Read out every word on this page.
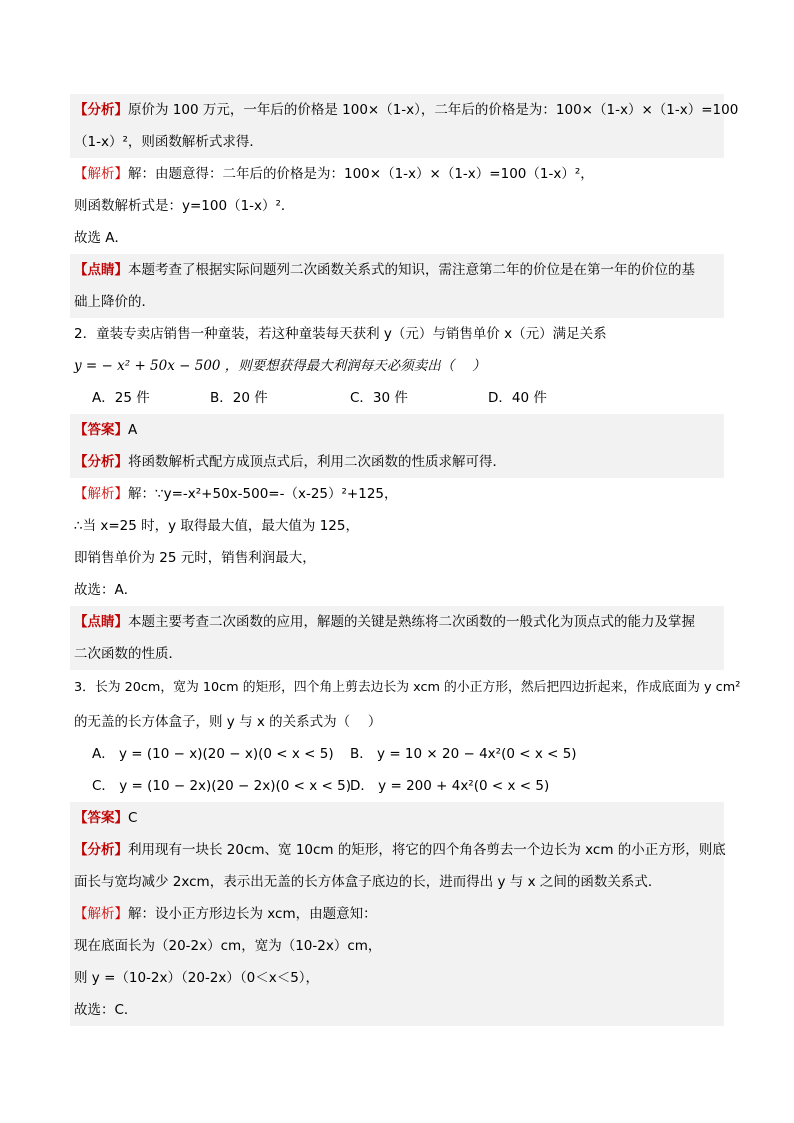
【分析】原价为 100 万元，一年后的价格是 100×（1-x），二年后的价格是为：100×（1-x）×（1-x）=100
（1-x）²，则函数解析式求得．
【解析】解：由题意得：二年后的价格是为：100×（1-x）×（1-x）=100（1-x）²，
则函数解析式是：y=100（1-x）²．
故选 A．
【点睛】本题考查了根据实际问题列二次函数关系式的知识，需注意第二年的价位是在第一年的价位的基
础上降价的．
2．童装专卖店销售一种童装，若这种童装每天获利 y（元）与销售单价 x（元）满足关系
y = − x² + 50x − 500 ，则要想获得最大利润每天必须卖出（　 ）
A．25 件	B．20 件	C．30 件	D．40 件
【答案】A
【分析】将函数解析式配方成顶点式后，利用二次函数的性质求解可得．
【解析】解：∵y=-x²+50x-500=-（x-25）²+125，
∴当 x=25 时，y 取得最大值，最大值为 125，
即销售单价为 25 元时，销售利润最大，
故选：A．
【点睛】本题主要考查二次函数的应用，解题的关键是熟练将二次函数的一般式化为顶点式的能力及掌握
二次函数的性质．
3．长为 20cm，宽为 10cm 的矩形，四个角上剪去边长为 xcm 的小正方形，然后把四边折起来，作成底面为 y cm²
的无盖的长方体盒子，则 y 与 x 的关系式为（　 ）
A． y = (10 − x)(20 − x)(0 < x < 5)	B． y = 10 × 20 − 4x²(0 < x < 5)
C． y = (10 − 2x)(20 − 2x)(0 < x < 5) D． y = 200 + 4x²(0 < x < 5)
【答案】C
【分析】利用现有一块长 20cm、宽 10cm 的矩形，将它的四个角各剪去一个边长为 xcm 的小正方形，则底
面长与宽均减少 2xcm，表示出无盖的长方体盒子底边的长，进而得出 y 与 x 之间的函数关系式．
【解析】解：设小正方形边长为 xcm，由题意知：
现在底面长为（20-2x）cm，宽为（10-2x）cm，
则 y =（10-2x）（20-2x）（0＜x＜5），
故选：C．
